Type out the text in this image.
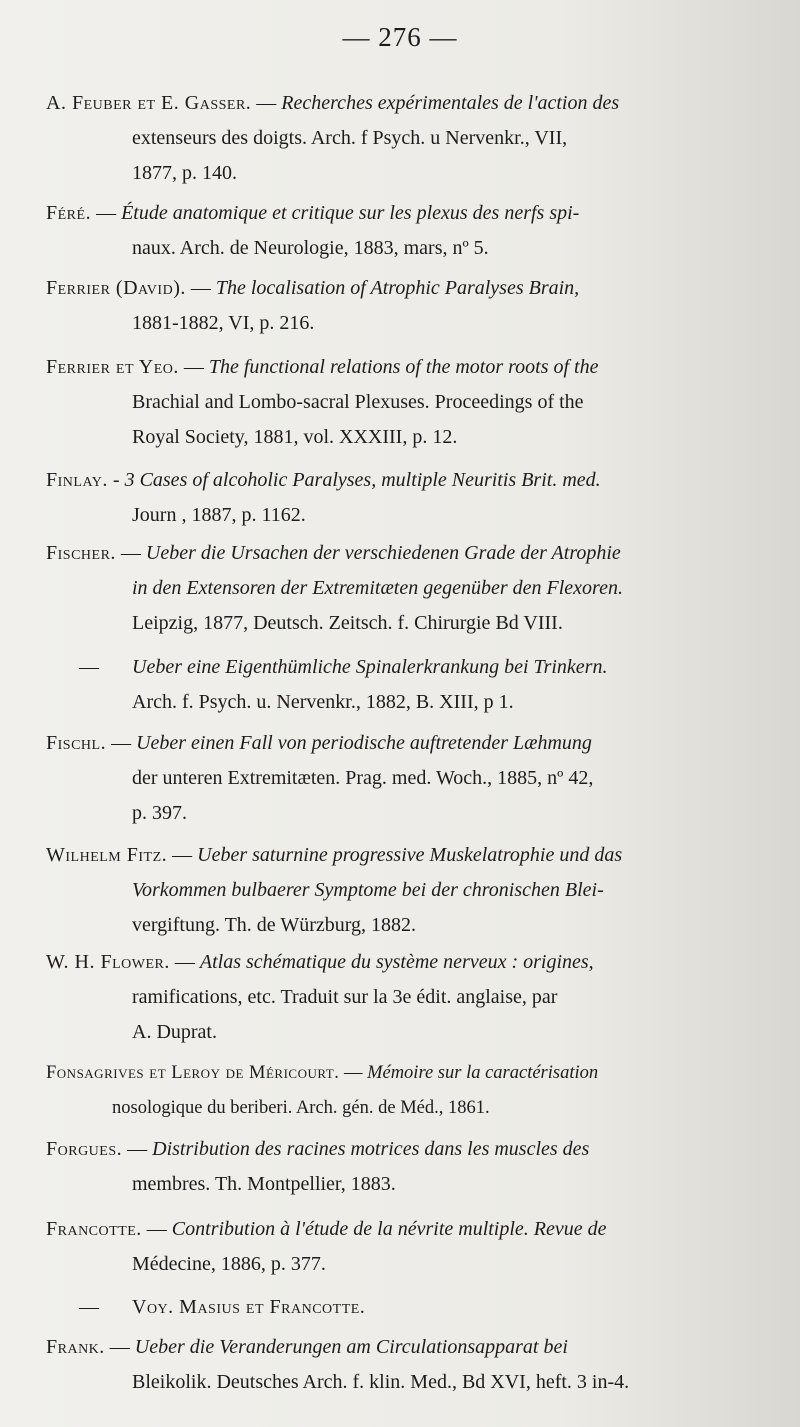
— 276 —
A. Feuber et E. Gasser. — Recherches expérimentales de l'action des
extenseurs des doigts. Arch. f Psych. u Nervenkr., VII,
1877, p. 140.
Féré. — Étude anatomique et critique sur les plexus des nerfs spi-
naux. Arch. de Neurologie, 1883, mars, nº 5.
Ferrier (David). — The localisation of Atrophic Paralyses Brain,
1881-1882, VI, p. 216.
Ferrier et Yeo. — The functional relations of the motor roots of the
Brachial and Lombo-sacral Plexuses. Proceedings of the
Royal Society, 1881, vol. XXXIII, p. 12.
Finlay. - 3 Cases of alcoholic Paralyses, multiple Neuritis Brit. med.
Journ , 1887, p. 1162.
Fischer. — Ueber die Ursachen der verschiedenen Grade der Atrophie
in den Extensoren der Extremitæten gegenüber den Flexoren.
Leipzig, 1877, Deutsch. Zeitsch. f. Chirurgie Bd VIII.
— Ueber eine Eigenthümliche Spinalerkrankung bei Trinkern.
Arch. f. Psych. u. Nervenkr., 1882, B. XIII, p 1.
Fischl. — Ueber einen Fall von periodische auftretender Læhmung
der unteren Extremitæten. Prag. med. Woch., 1885, nº 42,
p. 397.
Wilhelm Fitz. — Ueber saturnine progressive Muskelatrophie und das
Vorkommen bulbaerer Symptome bei der chronischen Blei-
vergiftung. Th. de Würzburg, 1882.
W. H. Flower. — Atlas schématique du système nerveux : origines,
ramifications, etc. Traduit sur la 3e édit. anglaise, par
A. Duprat.
Fonsagrives et Leroy de Méricourt. — Mémoire sur la caractérisation
nosologique du beriberi. Arch. gén. de Méd., 1861.
Forgues. — Distribution des racines motrices dans les muscles des
membres. Th. Montpellier, 1883.
Francotte. — Contribution à l'étude de la névrite multiple. Revue de
Médecine, 1886, p. 377.
— Voy. Masius et Francotte.
Frank. — Ueber die Veranderungen am Circulationsapparat bei
Bleikolik. Deutsches Arch. f. klin. Med., Bd XVI, heft. 3 in-4.
